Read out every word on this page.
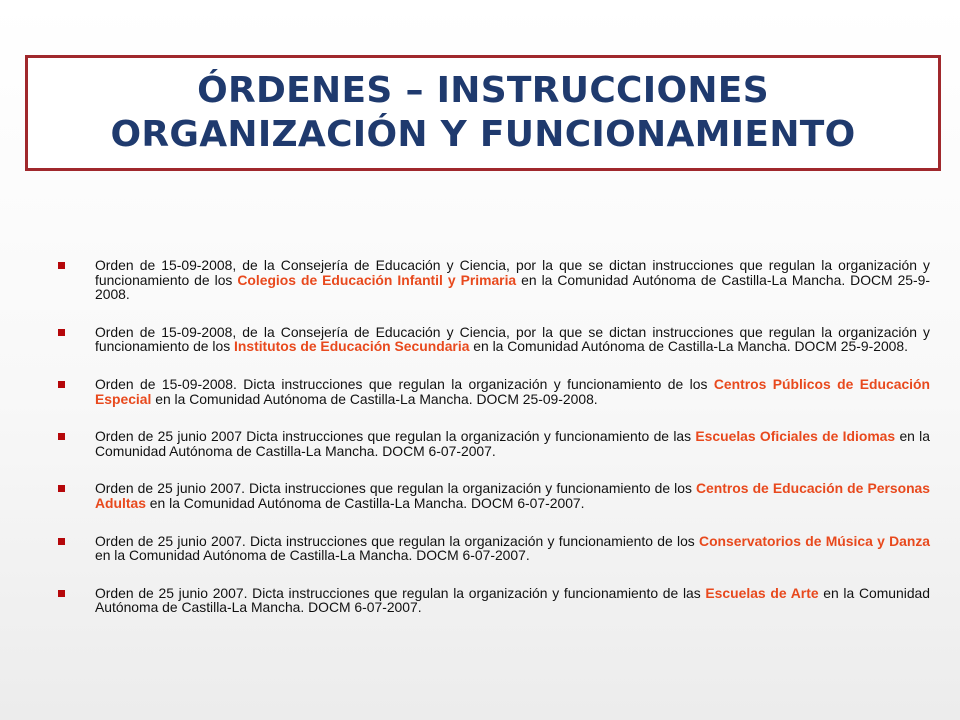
ÓRDENES – INSTRUCCIONES
ORGANIZACIÓN Y FUNCIONAMIENTO
Orden de 15-09-2008, de la Consejería de Educación y Ciencia, por la que se dictan instrucciones que regulan la organización y funcionamiento de los Colegios de Educación Infantil y Primaria en la Comunidad Autónoma de Castilla-La Mancha. DOCM 25-9-2008.
Orden de 15-09-2008, de la Consejería de Educación y Ciencia, por la que se dictan instrucciones que regulan la organización y funcionamiento de los Institutos de Educación Secundaria en la Comunidad Autónoma de Castilla-La Mancha. DOCM 25-9-2008.
Orden de 15-09-2008. Dicta instrucciones que regulan la organización y funcionamiento de los Centros Públicos de Educación Especial en la Comunidad Autónoma de Castilla-La Mancha. DOCM 25-09-2008.
Orden de 25 junio 2007 Dicta instrucciones que regulan la organización y funcionamiento de las Escuelas Oficiales de Idiomas en la Comunidad Autónoma de Castilla-La Mancha. DOCM 6-07-2007.
Orden de 25 junio 2007. Dicta instrucciones que regulan la organización y funcionamiento de los Centros de Educación de Personas Adultas en la Comunidad Autónoma de Castilla-La Mancha. DOCM 6-07-2007.
Orden de 25 junio 2007. Dicta instrucciones que regulan la organización y funcionamiento de los Conservatorios de Música y Danza en la Comunidad Autónoma de Castilla-La Mancha. DOCM 6-07-2007.
Orden de 25 junio 2007. Dicta instrucciones que regulan la organización y funcionamiento de las Escuelas de Arte en la Comunidad Autónoma de Castilla-La Mancha. DOCM 6-07-2007.
